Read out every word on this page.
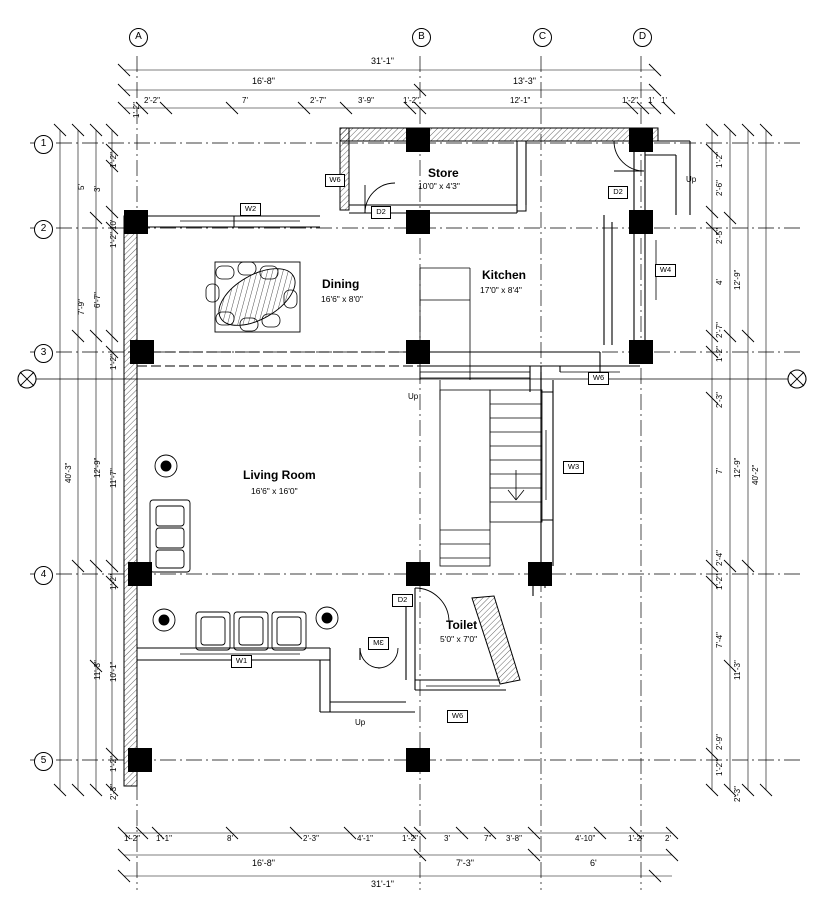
A	B	C	D
1
2
3
4
5
Store
10'0" x 4'3"
Kitchen
17'0" x 8'4"
Dining
16'6" x 8'0"
Living Room
16'6" x 16'0"
Toilet
5'0" x 7'0"
W6
D2
D2
W2
W4
W6
W3
D2
W1
MƐ
W6
Up
Up
Up
31'-1"
16'-8"	13'-3"
1'-2"
2'-2"	7'	2'-7"	3'-9"	1'-2"	12'-1"	1'-2" 1' 1'
1'-2" 1'-1"	8'	2'-3"	4'-1"	1'-2"	3'	7" 3'-8"	4'-10"	1'-2"	2'
16'-8"	7'-3"	6'
31'-1"
1'-2"
3'
5'
1'-2"
10'
6'-7"
7'-9"
1'-2"
11'-7"
12'-9"
40'-3"
1'-2"
10'-1"
11'-3"
2'-3"
1'-2"
1'-2"
2'-6"
2'-5"
12'-9"
4'
2'-7"
1'-2"
2'-3"
7' 12'-9" 40'-2"
2'-4"
1'-2"
7'-4"
11'-3"
2'-9"
1'-2"
2'-3"
